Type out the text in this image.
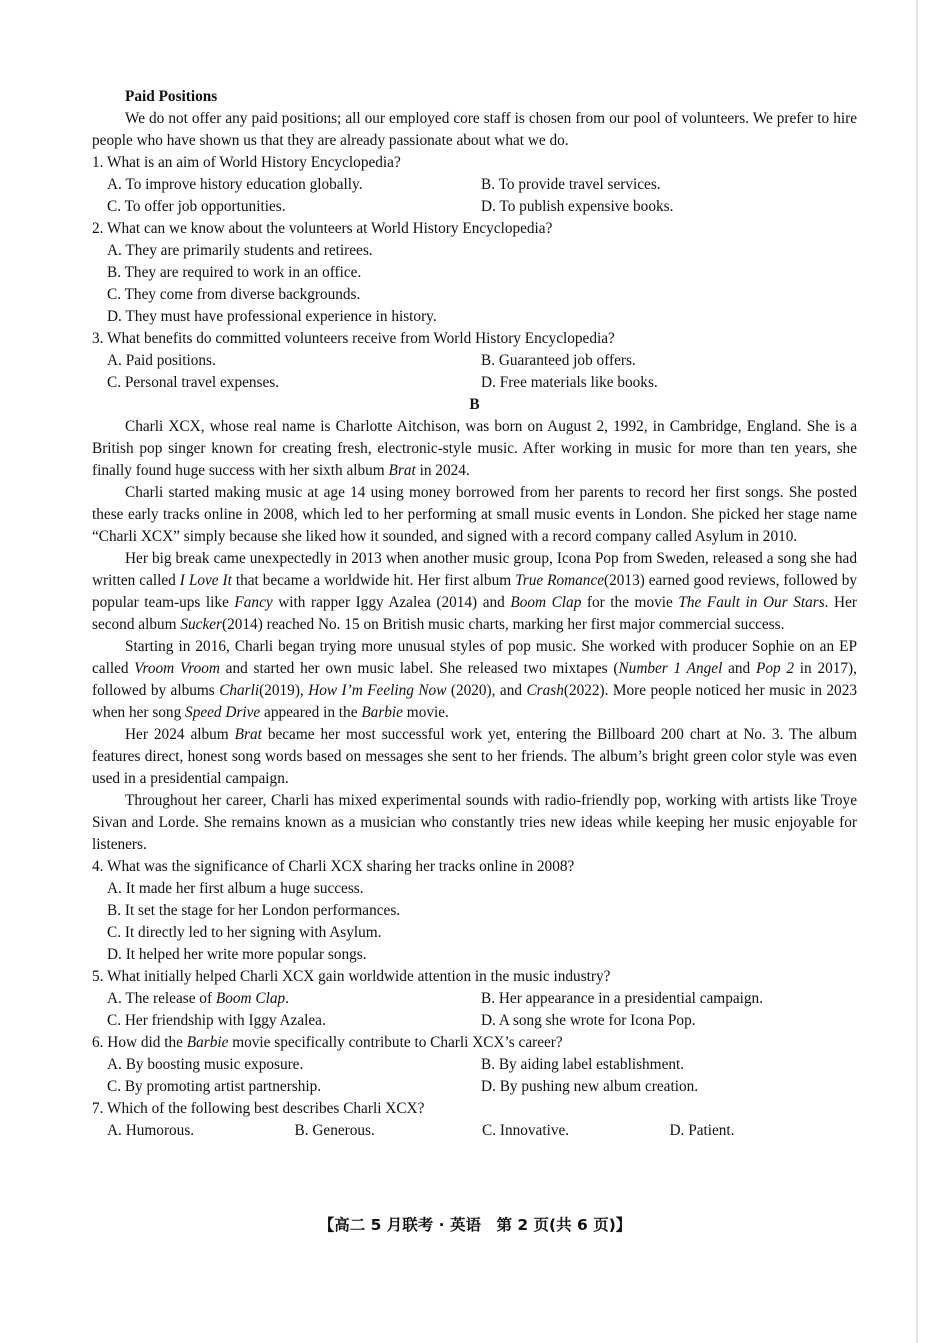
Paid Positions

We do not offer any paid positions; all our employed core staff is chosen from our pool of volunteers. We prefer to hire people who have shown us that they are already passionate about what we do.

1. What is an aim of World History Encyclopedia?
A. To improve history education globally.	B. To provide travel services.
C. To offer job opportunities.	D. To publish expensive books.
2. What can we know about the volunteers at World History Encyclopedia?
A. They are primarily students and retirees.
B. They are required to work in an office.
C. They come from diverse backgrounds.
D. They must have professional experience in history.
3. What benefits do committed volunteers receive from World History Encyclopedia?
A. Paid positions.	B. Guaranteed job offers.
C. Personal travel expenses.	D. Free materials like books.
B

Charli XCX, whose real name is Charlotte Aitchison, was born on August 2, 1992, in Cambridge, England. She is a British pop singer known for creating fresh, electronic-style music. After working in music for more than ten years, she finally found huge success with her sixth album Brat in 2024.

Charli started making music at age 14 using money borrowed from her parents to record her first songs. She posted these early tracks online in 2008, which led to her performing at small music events in London. She picked her stage name “Charli XCX” simply because she liked how it sounded, and signed with a record company called Asylum in 2010.

Her big break came unexpectedly in 2013 when another music group, Icona Pop from Sweden, released a song she had written called I Love It that became a worldwide hit. Her first album True Romance(2013) earned good reviews, followed by popular team-ups like Fancy with rapper Iggy Azalea (2014) and Boom Clap for the movie The Fault in Our Stars. Her second album Sucker(2014) reached No. 15 on British music charts, marking her first major commercial success.

Starting in 2016, Charli began trying more unusual styles of pop music. She worked with producer Sophie on an EP called Vroom Vroom and started her own music label. She released two mixtapes (Number 1 Angel and Pop 2 in 2017), followed by albums Charli(2019), How I’m Feeling Now (2020), and Crash(2022). More people noticed her music in 2023 when her song Speed Drive appeared in the Barbie movie.

Her 2024 album Brat became her most successful work yet, entering the Billboard 200 chart at No. 3. The album features direct, honest song words based on messages she sent to her friends. The album’s bright green color style was even used in a presidential campaign.

Throughout her career, Charli has mixed experimental sounds with radio-friendly pop, working with artists like Troye Sivan and Lorde. She remains known as a musician who constantly tries new ideas while keeping her music enjoyable for listeners.

4. What was the significance of Charli XCX sharing her tracks online in 2008?
A. It made her first album a huge success.
B. It set the stage for her London performances.
C. It directly led to her signing with Asylum.
D. It helped her write more popular songs.
5. What initially helped Charli XCX gain worldwide attention in the music industry?
A. The release of Boom Clap.	B. Her appearance in a presidential campaign.
C. Her friendship with Iggy Azalea.	D. A song she wrote for Icona Pop.
6. How did the Barbie movie specifically contribute to Charli XCX’s career?
A. By boosting music exposure.	B. By aiding label establishment.
C. By promoting artist partnership.	D. By pushing new album creation.
7. Which of the following best describes Charli XCX?
A. Humorous.	B. Generous.	C. Innovative.	D. Patient.
【高二 5 月联考 · 英语　第 2 页(共 6 页)】
